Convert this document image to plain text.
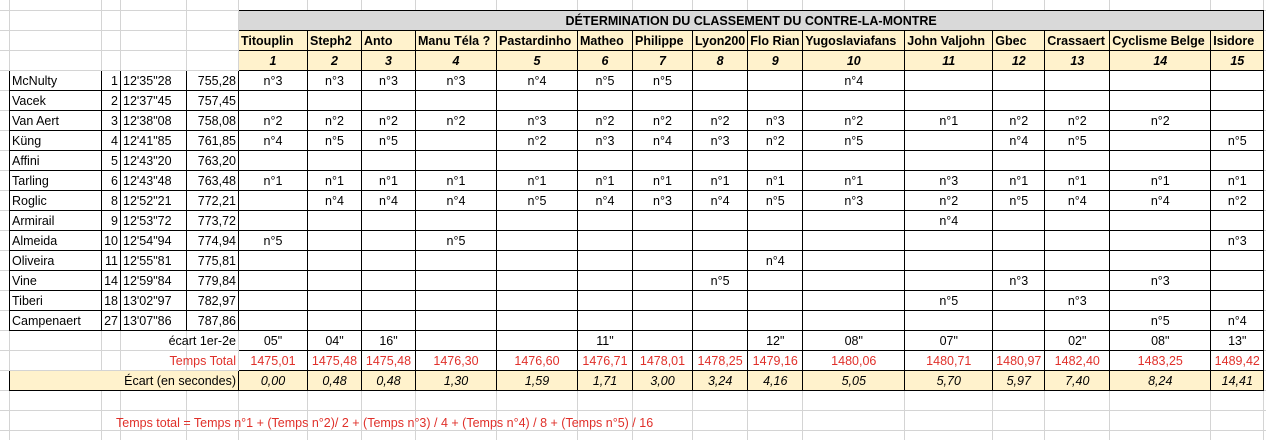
				DÉTERMINATION DU CLASSEMENT DU CONTRE-LA-MONTRE														
				Titouplin	Steph2	Anto	Manu Téla ?	Pastardinho	Matheo	Philippe	Lyon200	Flo Rian	Yugoslaviafans	John Valjohn	Gbec	Crassaert	Cyclisme Belge	Isidore
				1	2	3	4	5	6	7	8	9	10	11	12	13	14	15
McNulty	1	12'35"28	755,28	n°3	n°3	n°3	n°3	n°4	n°5	n°5			n°4					
Vacek	2	12'37"45	757,45															
Van Aert	3	12'38"08	758,08	n°2	n°2	n°2	n°2	n°3	n°2	n°2	n°2	n°3	n°2	n°1	n°2	n°2	n°2	
Küng	4	12'41"85	761,85	n°4	n°5	n°5		n°2	n°3	n°4	n°3	n°2	n°5		n°4	n°5		n°5
Affini	5	12'43"20	763,20															
Tarling	6	12'43"48	763,48	n°1	n°1	n°1	n°1	n°1	n°1	n°1	n°1	n°1	n°1	n°3	n°1	n°1	n°1	n°1
Roglic	8	12'52"21	772,21		n°4	n°4	n°4	n°5	n°4	n°3	n°4	n°5	n°3	n°2	n°5	n°4	n°4	n°2
Armirail	9	12'53"72	773,72											n°4				
Almeida	10	12'54"94	774,94	n°5			n°5											n°3
Oliveira	11	12'55"81	775,81									n°4						
Vine	14	12'59"84	779,84								n°5				n°3		n°3	
Tiberi	18	13'02"97	782,97											n°5		n°3		
Campenaert	27	13'07"86	787,86														n°5	n°4
écart 1er-2e				05"	04"	16"			11"			12"	08"	07"		02"	08"	13"
Temps Total				1475,01	1475,48	1475,48	1476,30	1476,60	1476,71	1478,01	1478,25	1479,16	1480,06	1480,71	1480,97	1482,40	1483,25	1489,42
Écart (en secondes)				0,00	0,48	0,48	1,30	1,59	1,71	3,00	3,24	4,16	5,05	5,70	5,97	7,40	8,24	14,41
Temps total = Temps n°1 + (Temps n°2)/ 2 + (Temps n°3) / 4 + (Temps n°4) / 8 + (Temps n°5) / 16
